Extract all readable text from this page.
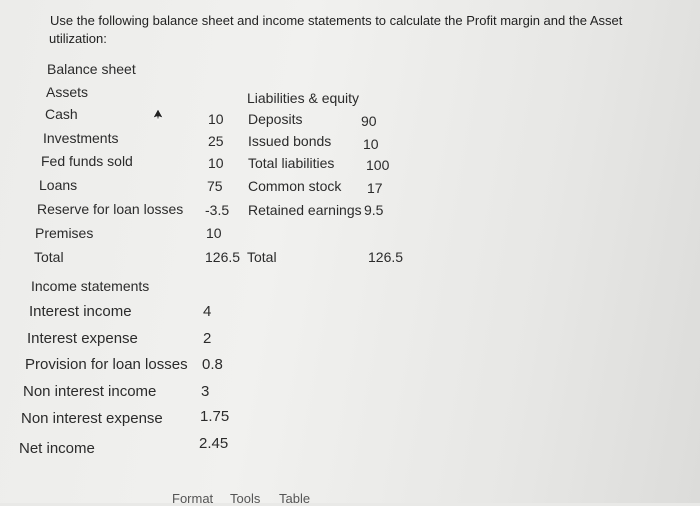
Use the following balance sheet and income statements to calculate the Profit margin and the Asset
utilization:
Balance sheet
Assets	Liabilities & equity
Cash	10 Deposits	90
Investments	25 Issued bonds 10
Fed funds sold	10 Total liabilities 100
Loans	75 Common stock 17
Reserve for loan losses -3.5 Retained earnings 9.5
Premises	10
Total	126.5 Total	126.5
Income statements
Interest income	4
Interest expense	2
Provision for loan losses 0.8
Non interest income	3
Non interest expense 1.75
Net income	2.45
Format Tools Table
